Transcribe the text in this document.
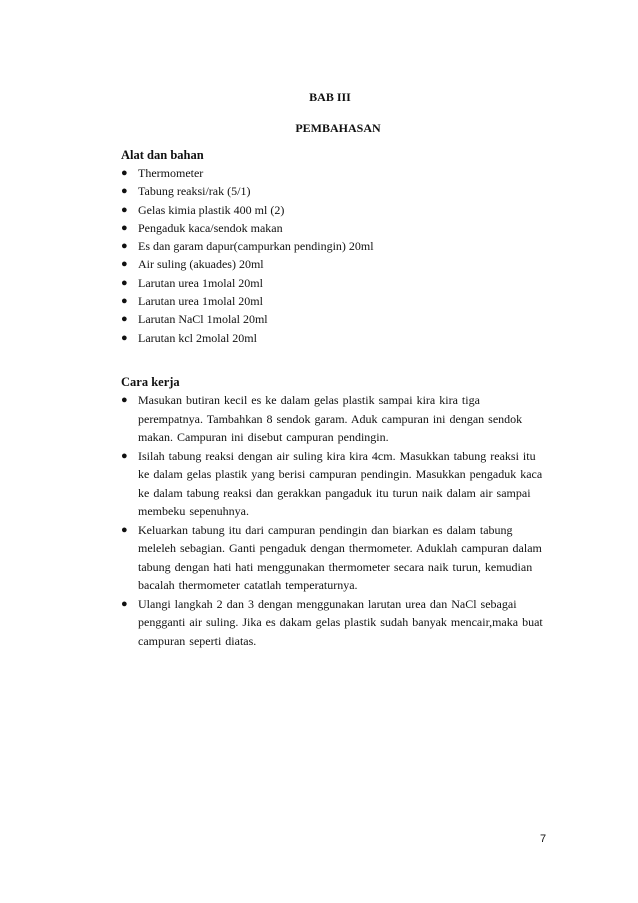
BAB III
PEMBAHASAN
Alat dan bahan
● Thermometer
● Tabung reaksi/rak (5/1)
● Gelas kimia plastik 400 ml (2)
● Pengaduk kaca/sendok makan
● Es dan garam dapur(campurkan pendingin) 20ml
● Air suling (akuades) 20ml
● Larutan urea 1molal 20ml
● Larutan urea 1molal 20ml
● Larutan NaCl 1molal 20ml
● Larutan kcl 2molal 20ml
Cara kerja
● Masukan butiran kecil es ke dalam gelas plastik sampai kira kira tiga perempatnya. Tambahkan 8 sendok garam. Aduk campuran ini dengan sendok makan. Campuran ini disebut campuran pendingin.
● Isilah tabung reaksi dengan air suling kira kira 4cm. Masukkan tabung reaksi itu ke dalam gelas plastik yang berisi campuran pendingin. Masukkan pengaduk kaca ke dalam tabung reaksi dan gerakkan pangaduk itu turun naik dalam air sampai membeku sepenuhnya.
● Keluarkan tabung itu dari campuran pendingin dan biarkan es dalam tabung meleleh sebagian. Ganti pengaduk dengan thermometer. Aduklah campuran dalam tabung dengan hati hati menggunakan thermometer secara naik turun, kemudian bacalah thermometer catatlah temperaturnya.
● Ulangi langkah 2 dan 3 dengan menggunakan larutan urea dan NaCl sebagai pengganti air suling. Jika es dakam gelas plastik sudah banyak mencair,maka buat campuran seperti diatas.
7
